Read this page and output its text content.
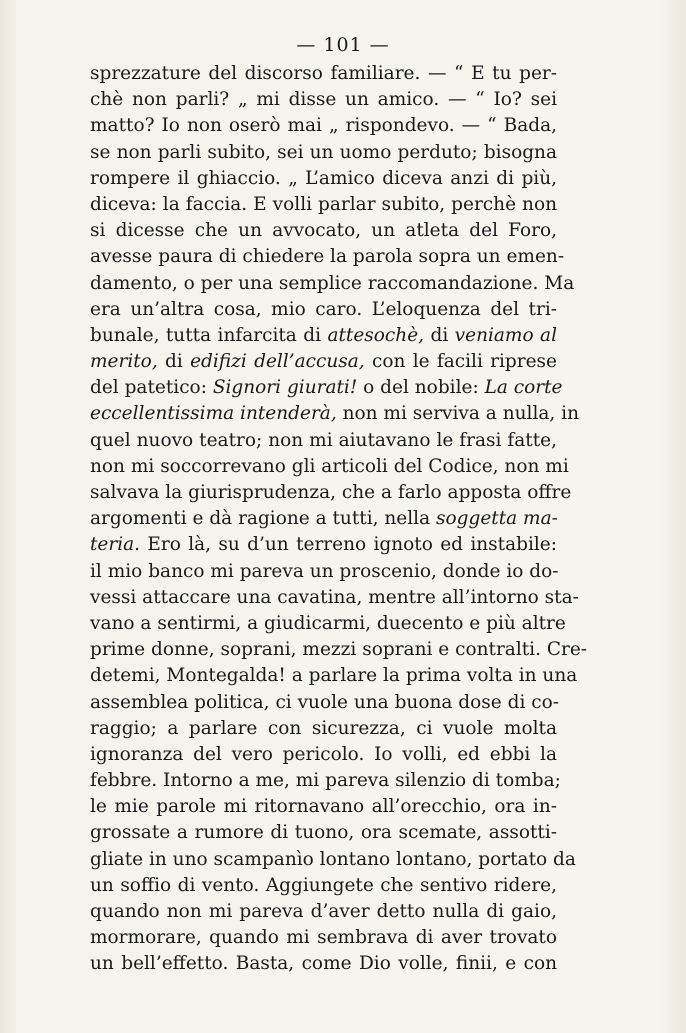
— 101 —
sprezzature del discorso familiare. — “ E tu per-
chè non parli? „ mi disse un amico. — “ Io? sei
matto? Io non oserò mai „ rispondevo. — “ Bada,
se non parli subito, sei un uomo perduto; bisogna
rompere il ghiaccio. „ L’amico diceva anzi di più,
diceva: la faccia. E volli parlar subito, perchè non
si dicesse che un avvocato, un atleta del Foro,
avesse paura di chiedere la parola sopra un emen-
damento, o per una semplice raccomandazione. Ma
era un’altra cosa, mio caro. L’eloquenza del tri-
bunale, tutta infarcita di attesochè, di veniamo al
merito, di edifizi dell’accusa, con le facili riprese
del patetico: Signori giurati! o del nobile: La corte
eccellentissima intenderà, non mi serviva a nulla, in
quel nuovo teatro; non mi aiutavano le frasi fatte,
non mi soccorrevano gli articoli del Codice, non mi
salvava la giurisprudenza, che a farlo apposta offre
argomenti e dà ragione a tutti, nella soggetta ma-
teria. Ero là, su d’un terreno ignoto ed instabile:
il mio banco mi pareva un proscenio, donde io do-
vessi attaccare una cavatina, mentre all’intorno sta-
vano a sentirmi, a giudicarmi, duecento e più altre
prime donne, soprani, mezzi soprani e contralti. Cre-
detemi, Montegalda! a parlare la prima volta in una
assemblea politica, ci vuole una buona dose di co-
raggio; a parlare con sicurezza, ci vuole molta
ignoranza del vero pericolo. Io volli, ed ebbi la
febbre. Intorno a me, mi pareva silenzio di tomba;
le mie parole mi ritornavano all’orecchio, ora in-
grossate a rumore di tuono, ora scemate, assotti-
gliate in uno scampanìo lontano lontano, portato da
un soffio di vento. Aggiungete che sentivo ridere,
quando non mi pareva d’aver detto nulla di gaio,
mormorare, quando mi sembrava di aver trovato
un bell’effetto. Basta, come Dio volle, finii, e con
